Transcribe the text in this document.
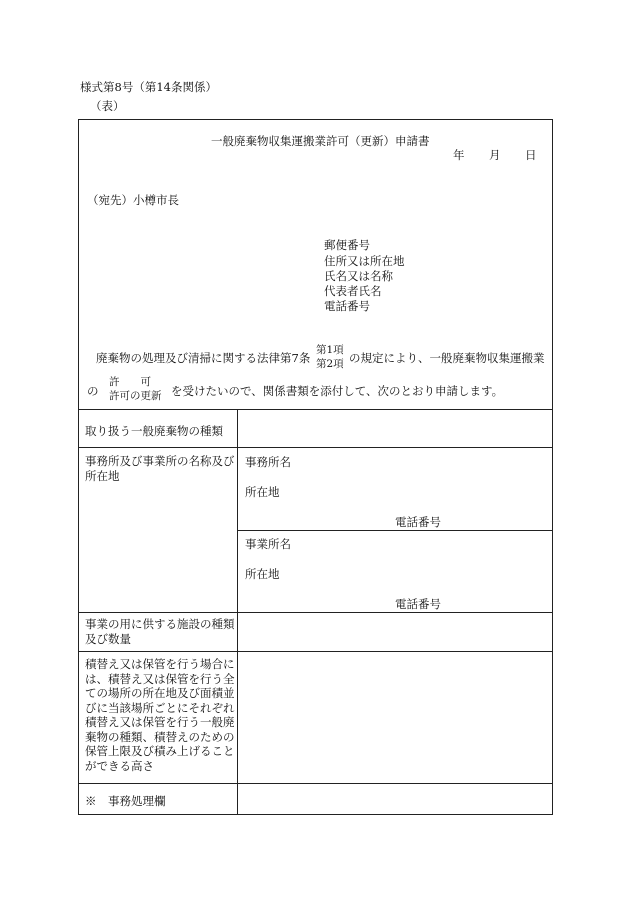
様式第8号（第14条関係）
（表）
一般廃棄物収集運搬業許可（更新）申請書
年 月 日
（宛先）小樽市長
郵便番号
住所又は所在地
氏名又は名称
代表者氏名
電話番号
廃棄物の処理及び清掃に関する法律第7条
第1項
第2項 の規定により、一般廃棄物収集運搬業
の
許　　可
許可の更新 を受けたいので、関係書類を添付して、次のとおり申請します。
取り扱う一般廃棄物の種類
事務所及び事業所の名称及び所在地
事務所名
所在地
電話番号
事業所名
所在地
電話番号
事業の用に供する施設の種類及び数量
積替え又は保管を行う場合には、積替え又は保管を行う全ての場所の所在地及び面積並びに当該場所ごとにそれぞれ積替え又は保管を行う一般廃棄物の種類、積替えのための保管上限及び積み上げることができる高さ
※　事務処理欄
